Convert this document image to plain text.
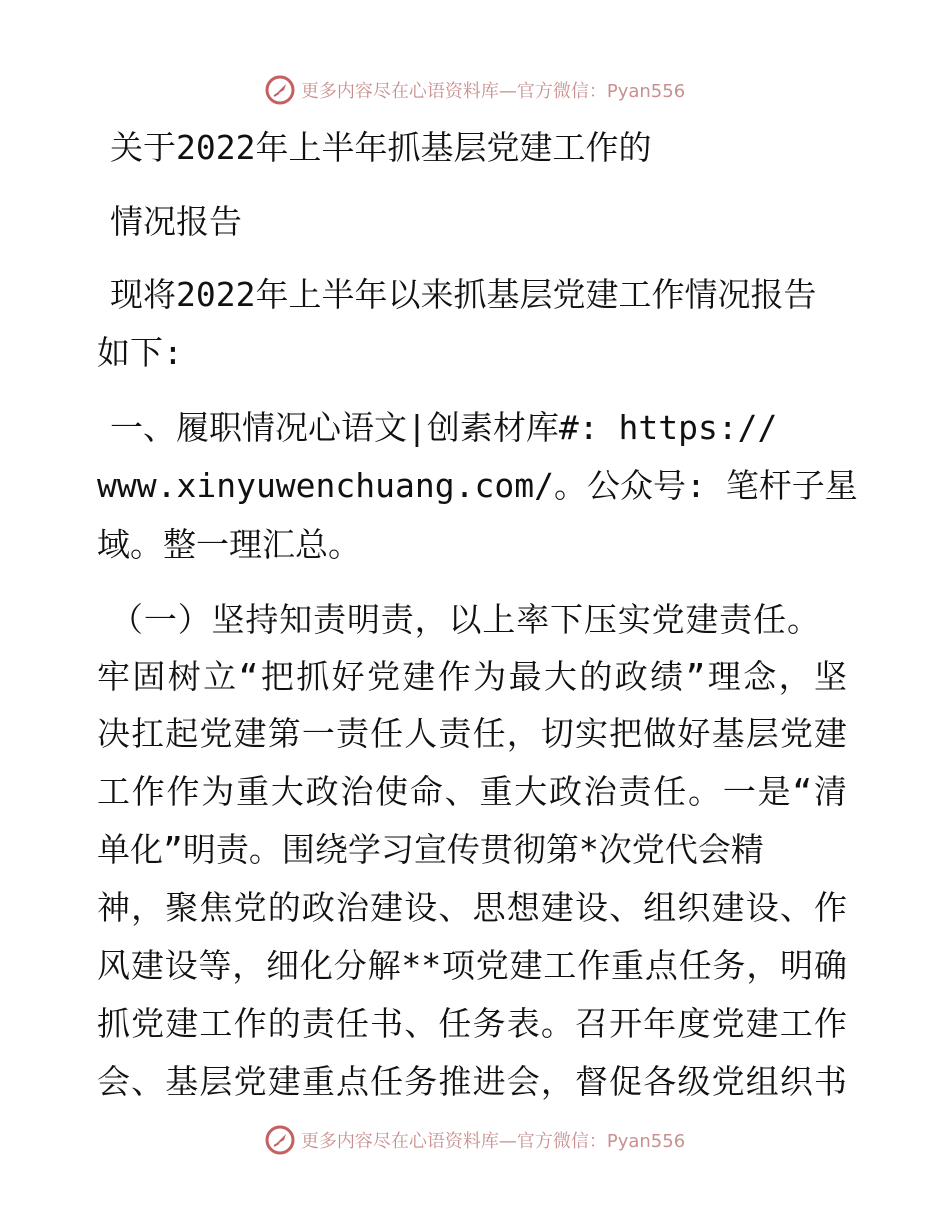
更多内容尽在心语资料库— 官方微信：Pyan556
关于2022年上半年抓基层党建工作的
情况报告
现将2022年上半年以来抓基层党建工作情况报告
如下:
一、履职情况心语文|创素材库#: https://
www.xinyuwenchuang.com/。公众号: 笔杆子星
域。整一理汇总。
（一）坚持知责明责，以上率下压实党建责任。
牢固树立“把抓好党建作为最大的政绩”理念，坚
决扛起党建第一责任人责任，切实把做好基层党建
工作作为重大政治使命、重大政治责任。一是“清
单化”明责。围绕学习宣传贯彻第*次党代会精
神，聚焦党的政治建设、思想建设、组织建设、作
风建设等，细化分解**项党建工作重点任务，明确
抓党建工作的责任书、任务表。召开年度党建工作
会、基层党建重点任务推进会，督促各级党组织书
更多内容尽在心语资料库— 官方微信：Pyan556
